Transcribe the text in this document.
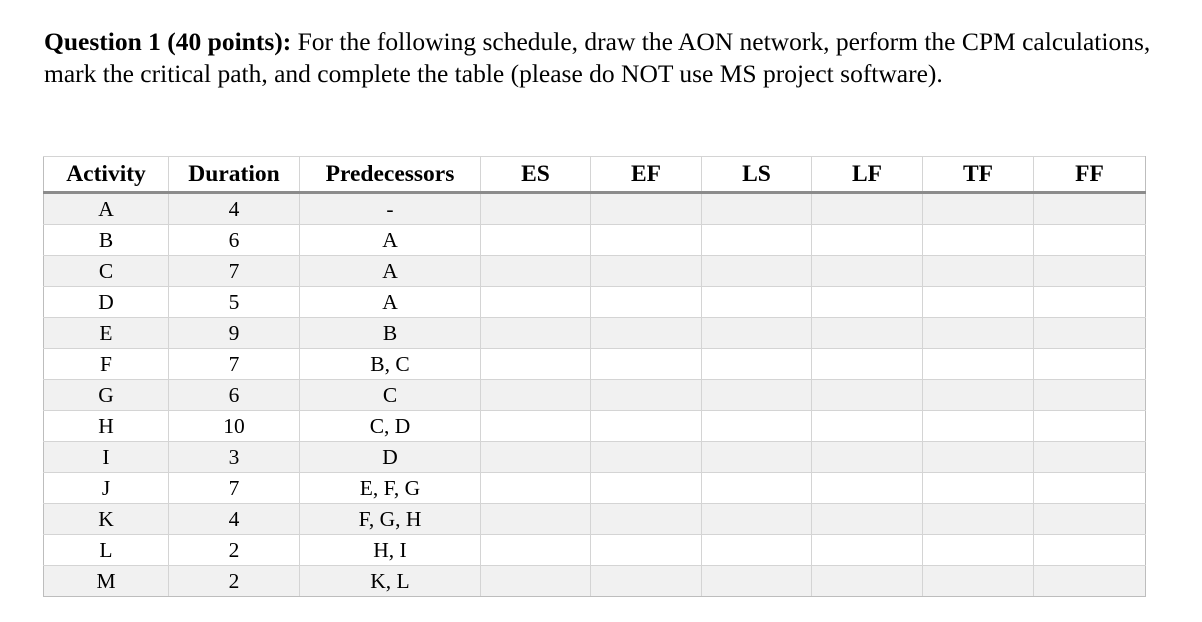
Question 1 (40 points): For the following schedule, draw the AON network, perform the CPM calculations, mark the critical path, and complete the table (please do NOT use MS project software).
Activity	Duration	Predecessors	ES	EF	LS	LF	TF	FF
A	4	-						
B	6	A						
C	7	A						
D	5	A						
E	9	B						
F	7	B, C						
G	6	C						
H	10	C, D						
I	3	D						
J	7	E, F, G						
K	4	F, G, H						
L	2	H, I						
M	2	K, L						
